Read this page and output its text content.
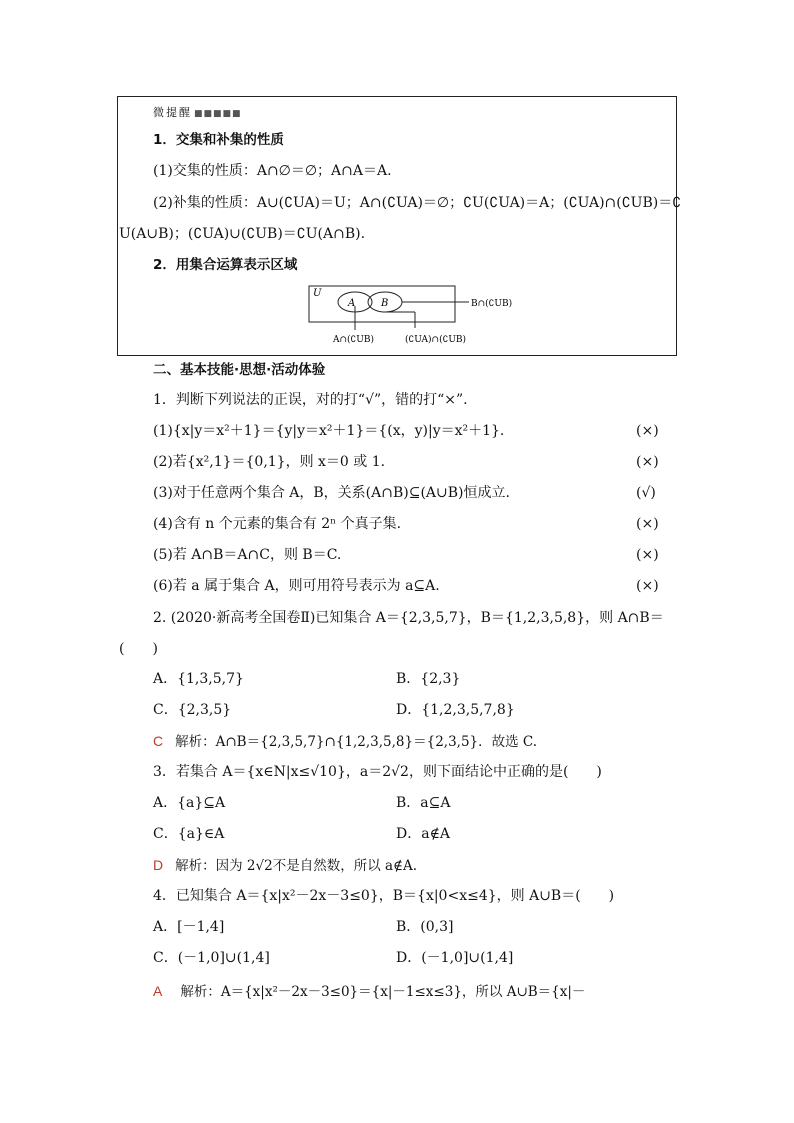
微提醒 ■■■■■
1．交集和补集的性质
(1)交集的性质：A∩∅＝∅；A∩A＝A.
(2)补集的性质：A∪(∁UA)＝U；A∩(∁UA)＝∅；∁U(∁UA)＝A；(∁UA)∩(∁UB)＝∁
U(A∪B)；(∁UA)∪(∁UB)＝∁U(A∩B).
2．用集合运算表示区域
U
A	B	B∩(∁UB)
A∩(∁UB)	(∁UA)∩(∁UB)
二、基本技能·思想·活动体验
1．判断下列说法的正误，对的打“√”，错的打“×”.
(1){x|y＝x²＋1}＝{y|y＝x²＋1}＝{(x，y)|y＝x²＋1}.	(×)
(2)若{x²,1}＝{0,1}，则 x＝0 或 1.	(×)
(3)对于任意两个集合 A，B，关系(A∩B)⊆(A∪B)恒成立.	(√)
(4)含有 n 个元素的集合有 2ⁿ 个真子集.	(×)
(5)若 A∩B＝A∩C，则 B＝C.	(×)
(6)若 a 属于集合 A，则可用符号表示为 a⊆A.	(×)
2. (2020·新高考全国卷Ⅱ)已知集合 A＝{2,3,5,7}，B＝{1,2,3,5,8}，则 A∩B＝
(　　)
A．{1,3,5,7}	B．{2,3}
C．{2,3,5}	D．{1,2,3,5,7,8}
C 解析：A∩B＝{2,3,5,7}∩{1,2,3,5,8}＝{2,3,5}．故选 C.
3．若集合 A＝{x∈N|x≤√10}，a＝2√2，则下面结论中正确的是(　　)
A．{a}⊆A	B．a⊆A
C．{a}∈A	D．a∉A
D 解析：因为 2√2不是自然数，所以 a∉A.
4．已知集合 A＝{x|x²－2x－3≤0}，B＝{x|0<x≤4}，则 A∪B＝(　　)
A．[－1,4]	B．(0,3]
C．(－1,0]∪(1,4]	D．(－1,0]∪(1,4]
A 解析：A＝{x|x²－2x－3≤0}＝{x|－1≤x≤3}，所以 A∪B＝{x|－
